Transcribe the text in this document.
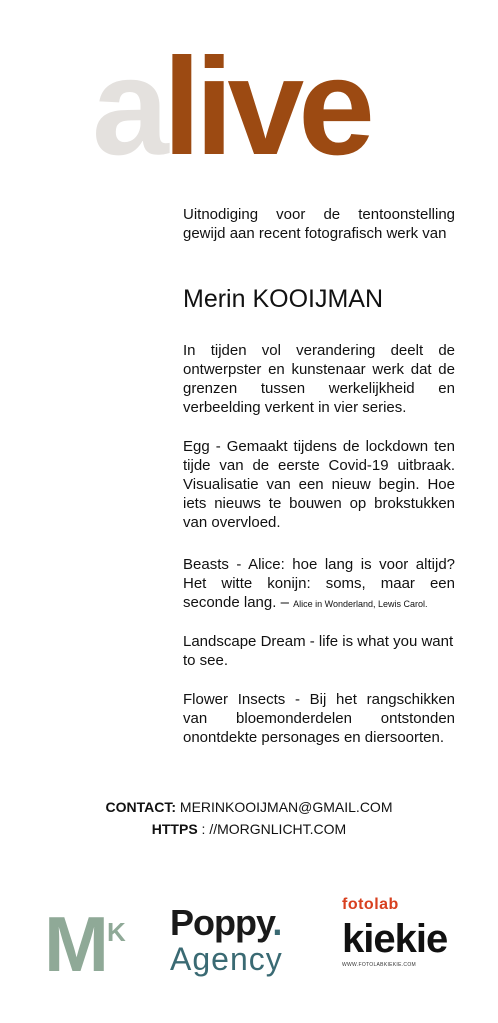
alive
Uitnodiging voor de tentoonstelling gewijd aan recent fotografisch werk van
Merin KOOIJMAN
In tijden vol verandering deelt de ontwerpster en kunstenaar werk dat de grenzen tussen werkelijkheid en verbeelding verkent in vier series.
Egg - Gemaakt tijdens de lockdown ten tijde van de eerste Covid-19 uitbraak. Visualisatie van een nieuw begin. Hoe iets nieuws te bouwen op brokstukken van overvloed.
Beasts - Alice: hoe lang is voor altijd? Het witte konijn: soms, maar een seconde lang. – Alice in Wonderland, Lewis Carol.
Landscape Dream - life is what you want to see.
Flower Insects - Bij het rangschikken van bloemonderdelen ontstonden onontdekte personages en diersoorten.
CONTACT: MERINKOOIJMAN@GMAIL.COM
HTTPS : //MORGNLICHT.COM
$M^K$ Poppy.
Agency
fotolab
kiekie
WWW.FOTOLABKIEKIE.COM
